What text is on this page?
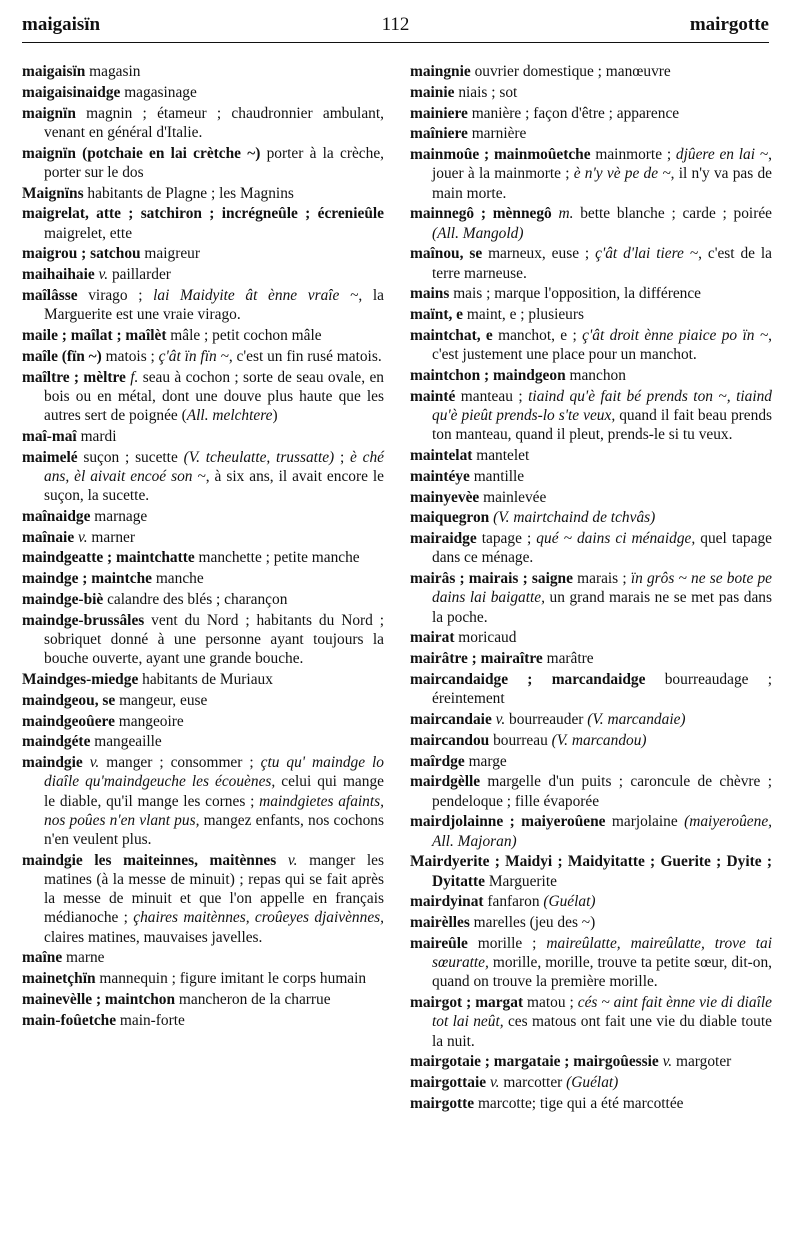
maigaisïn	112	mairgotte

maigaisïn magasin

maigaisinaidge magasinage

maignïn magnin ; étameur ; chaudronnier ambulant, venant en général d'Italie.

maignïn (potchaie en lai crètche ~) porter à la crèche, porter sur le dos

Maignïns habitants de Plagne ; les Magnins

maigrelat, atte ; satchiron ; incrégneûle ; écrenieûle maigrelet, ette

maigrou ; satchou maigreur

maihaihaie v. paillarder

maîlâsse virago ; lai Maidyite ât ènne vraîe ~, la Marguerite est une vraie virago.

maile ; maîlat ; maîlèt mâle ; petit cochon mâle

maîle (fïn ~) matois ; ç'ât ïn fïn ~, c'est un fin rusé matois.

maîltre ; mèltre f. seau à cochon ; sorte de seau ovale, en bois ou en métal, dont une douve plus haute que les autres sert de poignée (All. melchtere)

maî-maî mardi

maimelé suçon ; sucette (V. tcheulatte, trussatte) ; è ché ans, èl aivait encoé son ~, à six ans, il avait encore le suçon, la sucette.

maînaidge marnage

maînaie v. marner

maindgeatte ; maintchatte manchette ; petite manche

maindge ; maintche manche

maindge-biè calandre des blés ; charançon

maindge-brussâles vent du Nord ; habitants du Nord ; sobriquet donné à une personne ayant toujours la bouche ouverte, ayant une grande bouche.

Maindges-miedge habitants de Muriaux

maindgeou, se mangeur, euse

maindgeoûere mangeoire

maindgéte mangeaille

maindgie v. manger ; consommer ; çtu qu' maindge lo diaîle qu'maindgeuche les écouènes, celui qui mange le diable, qu'il mange les cornes ; maindgietes afaints, nos poûes n'en vlant pus, mangez enfants, nos cochons n'en veulent plus.

maindgie les maiteinnes, maitènnes v. manger les matines (à la messe de minuit) ; repas qui se fait après la messe de minuit et que l'on appelle en français médianoche ; çhaires maitènnes, croûeyes djaivènnes, claires matines, mauvaises javelles.

maîne marne

mainetçhïn mannequin ; figure imitant le corps humain

mainevèlle ; maintchon mancheron de la charrue

main-foûetche main-forte

maingnie ouvrier domestique ; manœuvre

mainie niais ; sot

mainiere manière ; façon d'être ; apparence

maîniere marnière

mainmoûe ; mainmoûetche mainmorte ; djûere en lai ~, jouer à la mainmorte ; è n'y vè pe de ~, il n'y va pas de main morte.

mainnegô ; mènnegô m. bette blanche ; carde ; poirée (All. Mangold)

maînou, se marneux, euse ; ç'ât d'lai tiere ~, c'est de la terre marneuse.

mains mais ; marque l'opposition, la différence

maïnt, e maint, e ; plusieurs

maintchat, e manchot, e ; ç'ât droit ènne piaice po ïn ~, c'est justement une place pour un manchot.

maintchon ; maindgeon manchon

mainté manteau ; tiaind qu'è fait bé prends ton ~, tiaind qu'è pieût prends-lo s'te veux, quand il fait beau prends ton manteau, quand il pleut, prends-le si tu veux.

maintelat mantelet

maintéye mantille

mainyevèe mainlevée

maiquegron (V. mairtchaind de tchvâs)

mairaidge tapage ; qué ~ dains ci ménaidge, quel tapage dans ce ménage.

mairâs ; mairais ; saigne marais ; ïn grôs ~ ne se bote pe dains lai baigatte, un grand marais ne se met pas dans la poche.

mairat moricaud

mairâtre ; mairaître marâtre

maircandaidge ; marcandaidge bourreaudage ; éreintement

maircandaie v. bourreauder (V. marcandaie)

maircandou bourreau (V. marcandou)

maîrdge marge

mairdgèlle margelle d'un puits ; caroncule de chèvre ; pendeloque ; fille évaporée

mairdjolainne ; maiyeroûene marjolaine (maiyeroûene, All. Majoran)

Mairdyerite ; Maidyi ; Maidyitatte ; Guerite ; Dyite ; Dyitatte Marguerite

mairdyinat fanfaron (Guélat)

mairèlles marelles (jeu des ~)

maireûle morille ; maireûlatte, maireûlatte, trove tai sœuratte, morille, morille, trouve ta petite sœur, dit-on, quand on trouve la première morille.

mairgot ; margat matou ; cés ~ aint fait ènne vie di diaîle tot lai neût, ces matous ont fait une vie du diable toute la nuit.

mairgotaie ; margataie ; mairgoûessie v. margoter

mairgottaie v. marcotter (Guélat)

mairgotte marcotte; tige qui a été marcottée
